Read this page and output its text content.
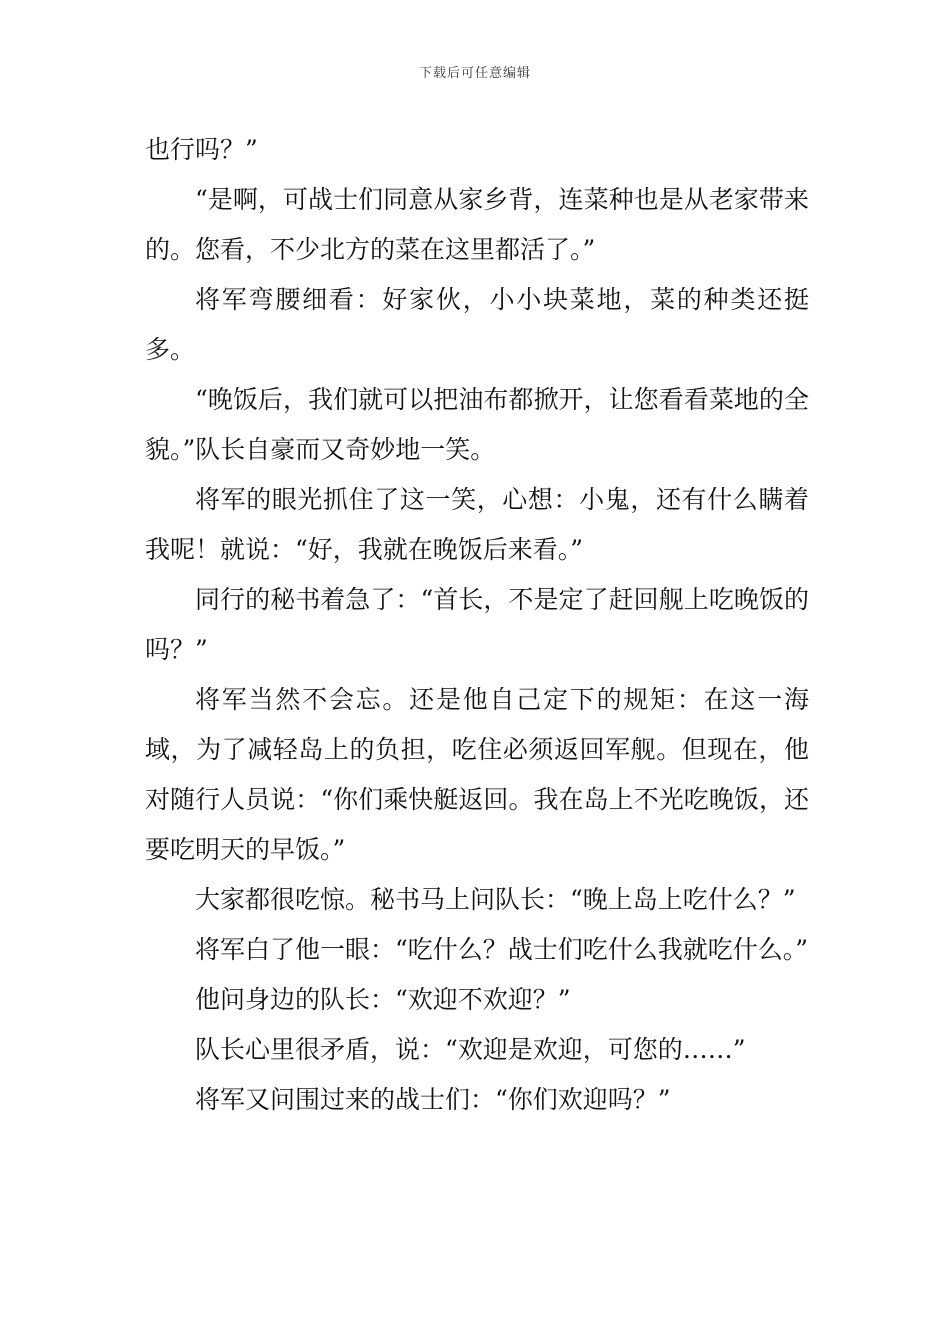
下载后可任意编辑

也行吗？”

“是啊，可战士们同意从家乡背，连菜种也是从老家带来的。您看，不少北方的菜在这里都活了。”

将军弯腰细看：好家伙，小小块菜地，菜的种类还挺多。

“晚饭后，我们就可以把油布都掀开，让您看看菜地的全貌。”队长自豪而又奇妙地一笑。

将军的眼光抓住了这一笑，心想：小鬼，还有什么瞒着我呢！就说：“好，我就在晚饭后来看。”

同行的秘书着急了：“首长，不是定了赶回舰上吃晚饭的吗？”

将军当然不会忘。还是他自己定下的规矩：在这一海域，为了减轻岛上的负担，吃住必须返回军舰。但现在，他对随行人员说：“你们乘快艇返回。我在岛上不光吃晚饭，还要吃明天的早饭。”

大家都很吃惊。秘书马上问队长：“晚上岛上吃什么？”

将军白了他一眼：“吃什么？战士们吃什么我就吃什么。”

他问身边的队长：“欢迎不欢迎？”

队长心里很矛盾，说：“欢迎是欢迎，可您的……”

将军又问围过来的战士们：“你们欢迎吗？”
